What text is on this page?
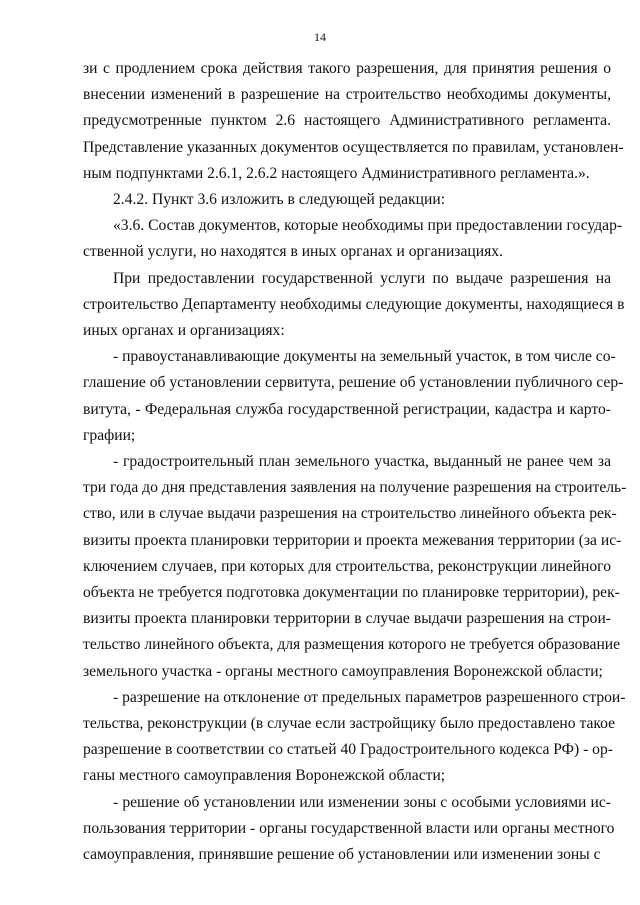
14

зи с продлением срока действия такого разрешения, для принятия решения о
внесении изменений в разрешение на строительство необходимы документы,
предусмотренные пунктом 2.6 настоящего Административного регламента.
Представление указанных документов осуществляется по правилам, установлен-
ным подпунктами 2.6.1, 2.6.2 настоящего Административного регламента.».

2.4.2. Пункт 3.6 изложить в следующей редакции:

«3.6. Состав документов, которые необходимы при предоставлении государ-
ственной услуги, но находятся в иных органах и организациях.

При предоставлении государственной услуги по выдаче разрешения на
строительство Департаменту необходимы следующие документы, находящиеся в
иных органах и организациях:

- правоустанавливающие документы на земельный участок, в том числе со-
глашение об установлении сервитута, решение об установлении публичного сер-
витута, - Федеральная служба государственной регистрации, кадастра и карто-
графии;

- градостроительный план земельного участка, выданный не ранее чем за
три года до дня представления заявления на получение разрешения на строитель-
ство, или в случае выдачи разрешения на строительство линейного объекта рек-
визиты проекта планировки территории и проекта межевания территории (за ис-
ключением случаев, при которых для строительства, реконструкции линейного
объекта не требуется подготовка документации по планировке территории), рек-
визиты проекта планировки территории в случае выдачи разрешения на строи-
тельство линейного объекта, для размещения которого не требуется образование
земельного участка - органы местного самоуправления Воронежской области;

- разрешение на отклонение от предельных параметров разрешенного строи-
тельства, реконструкции (в случае если застройщику было предоставлено такое
разрешение в соответствии со статьей 40 Градостроительного кодекса РФ) - ор-
ганы местного самоуправления Воронежской области;

- решение об установлении или изменении зоны с особыми условиями ис-
пользования территории - органы государственной власти или органы местного
самоуправления, принявшие решение об установлении или изменении зоны с
